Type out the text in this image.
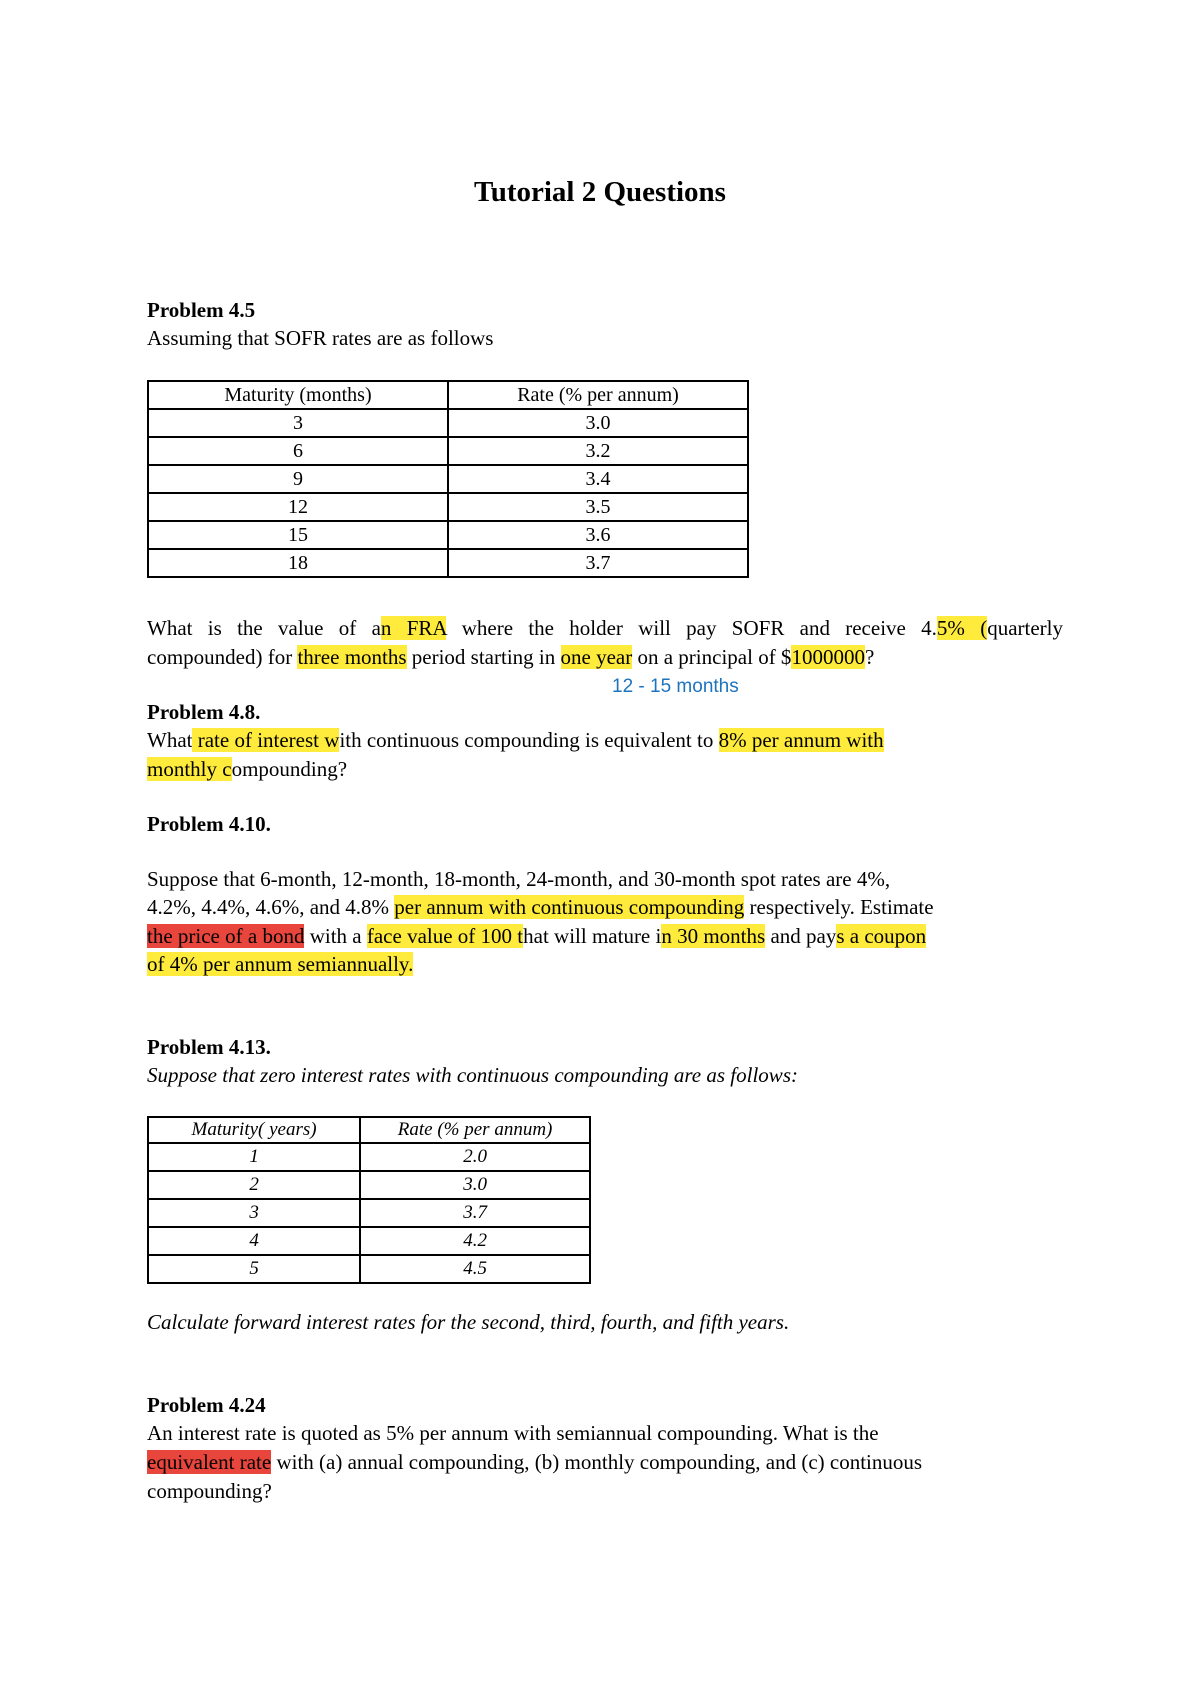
Tutorial 2 Questions
Problem 4.5
Assuming that SOFR rates are as follows
Maturity (months)	Rate (% per annum)
3	3.0
6	3.2
9	3.4
12	3.5
15	3.6
18	3.7
What is the value of an FRA where the holder will pay SOFR and receive 4.5% (quarterly
compounded) for three months period starting in one year on a principal of $1000000?
12 - 15 months
Problem 4.8.
What rate of interest with continuous compounding is equivalent to 8% per annum with
monthly compounding?
Problem 4.10.
Suppose that 6-month, 12-month, 18-month, 24-month, and 30-month spot rates are 4%,
4.2%, 4.4%, 4.6%, and 4.8% per annum with continuous compounding respectively. Estimate
the price of a bond with a face value of 100 that will mature in 30 months and pays a coupon
of 4% per annum semiannually.
Problem 4.13.
Suppose that zero interest rates with continuous compounding are as follows:
Maturity( years)	Rate (% per annum)
1	2.0
2	3.0
3	3.7
4	4.2
5	4.5
Calculate forward interest rates for the second, third, fourth, and fifth years.
Problem 4.24
An interest rate is quoted as 5% per annum with semiannual compounding. What is the
equivalent rate with (a) annual compounding, (b) monthly compounding, and (c) continuous
compounding?
